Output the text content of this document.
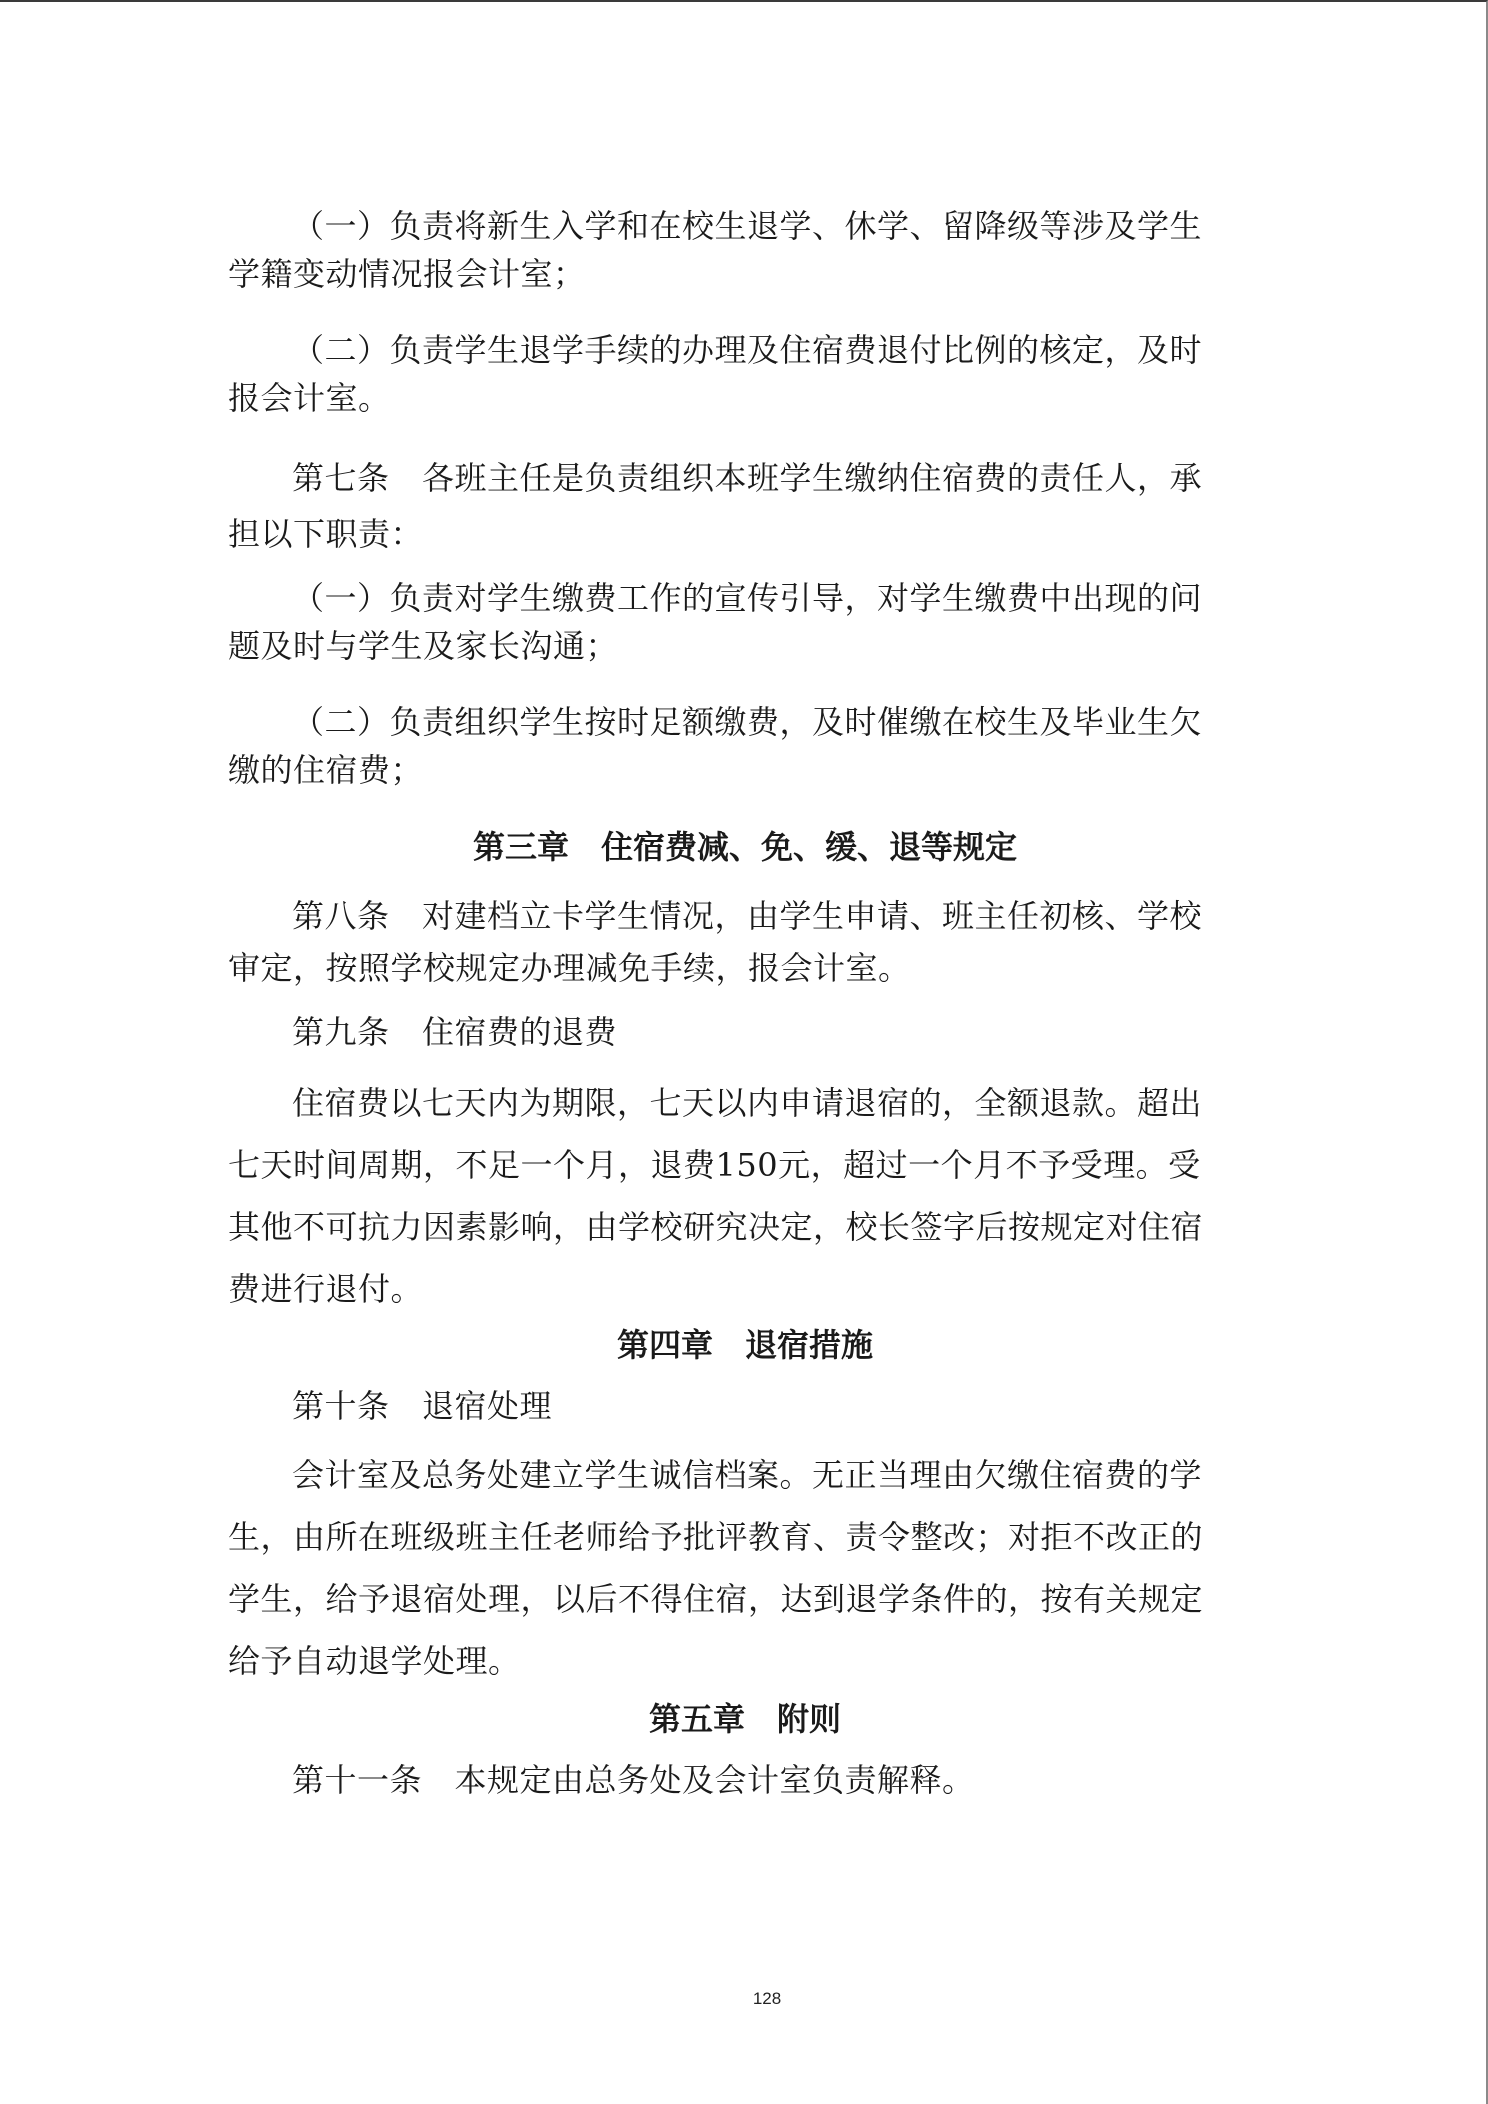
（一）负责将新生入学和在校生退学、休学、留降级等涉及学生
学籍变动情况报会计室；
（二）负责学生退学手续的办理及住宿费退付比例的核定，及时
报会计室。
第七条　各班主任是负责组织本班学生缴纳住宿费的责任人，承
担以下职责：
（一）负责对学生缴费工作的宣传引导，对学生缴费中出现的问
题及时与学生及家长沟通；
（二）负责组织学生按时足额缴费，及时催缴在校生及毕业生欠
缴的住宿费；
第三章　住宿费减、免、缓、退等规定
第八条　对建档立卡学生情况，由学生申请、班主任初核、学校
审定，按照学校规定办理减免手续，报会计室。
第九条　住宿费的退费
住宿费以七天内为期限，七天以内申请退宿的，全额退款。超出
七天时间周期，不足一个月，退费150元，超过一个月不予受理。受
其他不可抗力因素影响，由学校研究决定，校长签字后按规定对住宿
费进行退付。
第四章　退宿措施
第十条　退宿处理
会计室及总务处建立学生诚信档案。无正当理由欠缴住宿费的学
生，由所在班级班主任老师给予批评教育、责令整改；对拒不改正的
学生，给予退宿处理，以后不得住宿，达到退学条件的，按有关规定
给予自动退学处理。
第五章　附则
第十一条　本规定由总务处及会计室负责解释。
128
